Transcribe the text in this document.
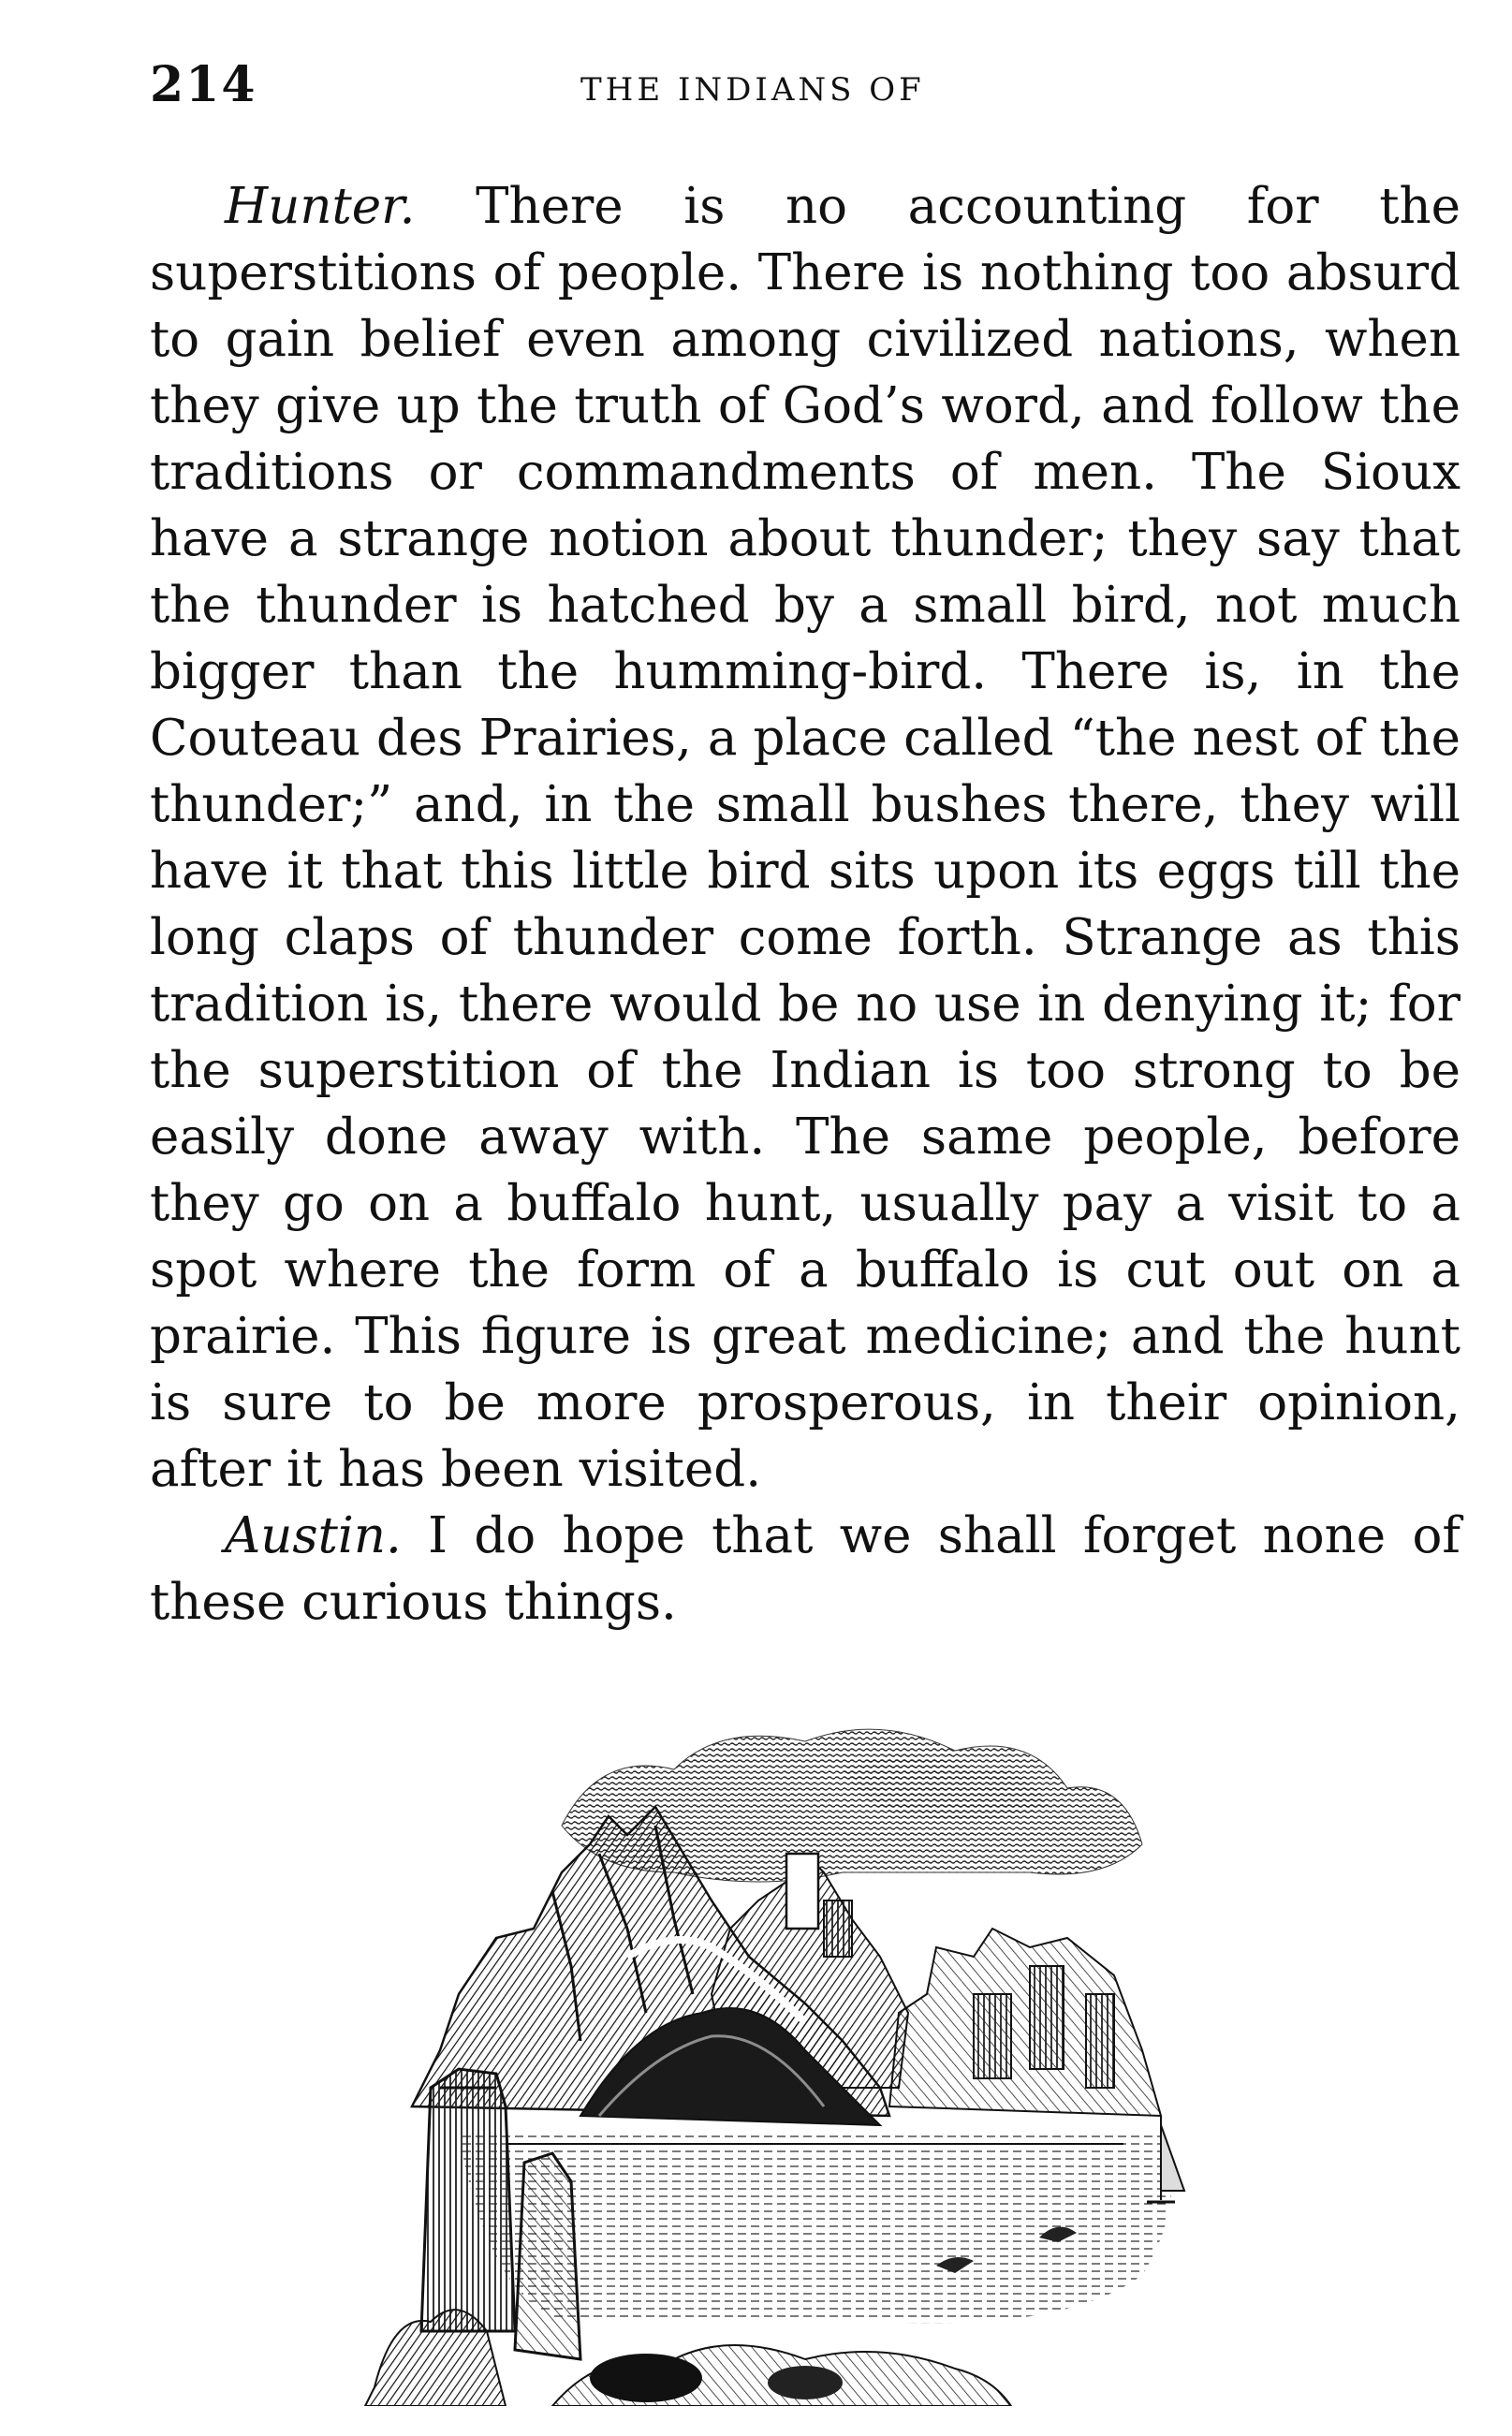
214	THE INDIANS OF

Hunter. There is no accounting for the superstitions of people. There is nothing too absurd to gain belief even among civilized nations, when they give up the truth of God’s word, and follow the traditions or commandments of men. The Sioux have a strange notion about thunder; they say that the thunder is hatched by a small bird, not much bigger than the humming-bird. There is, in the Couteau des Prairies, a place called “the nest of the thunder;” and, in the small bushes there, they will have it that this little bird sits upon its eggs till the long claps of thunder come forth. Strange as this tradition is, there would be no use in denying it; for the superstition of the Indian is too strong to be easily done away with. The same people, before they go on a buffalo hunt, usually pay a visit to a spot where the form of a buffalo is cut out on a prairie. This figure is great medicine; and the hunt is sure to be more prosperous, in their opinion, after it has been visited.

Austin. I do hope that we shall forget none of these curious things.
